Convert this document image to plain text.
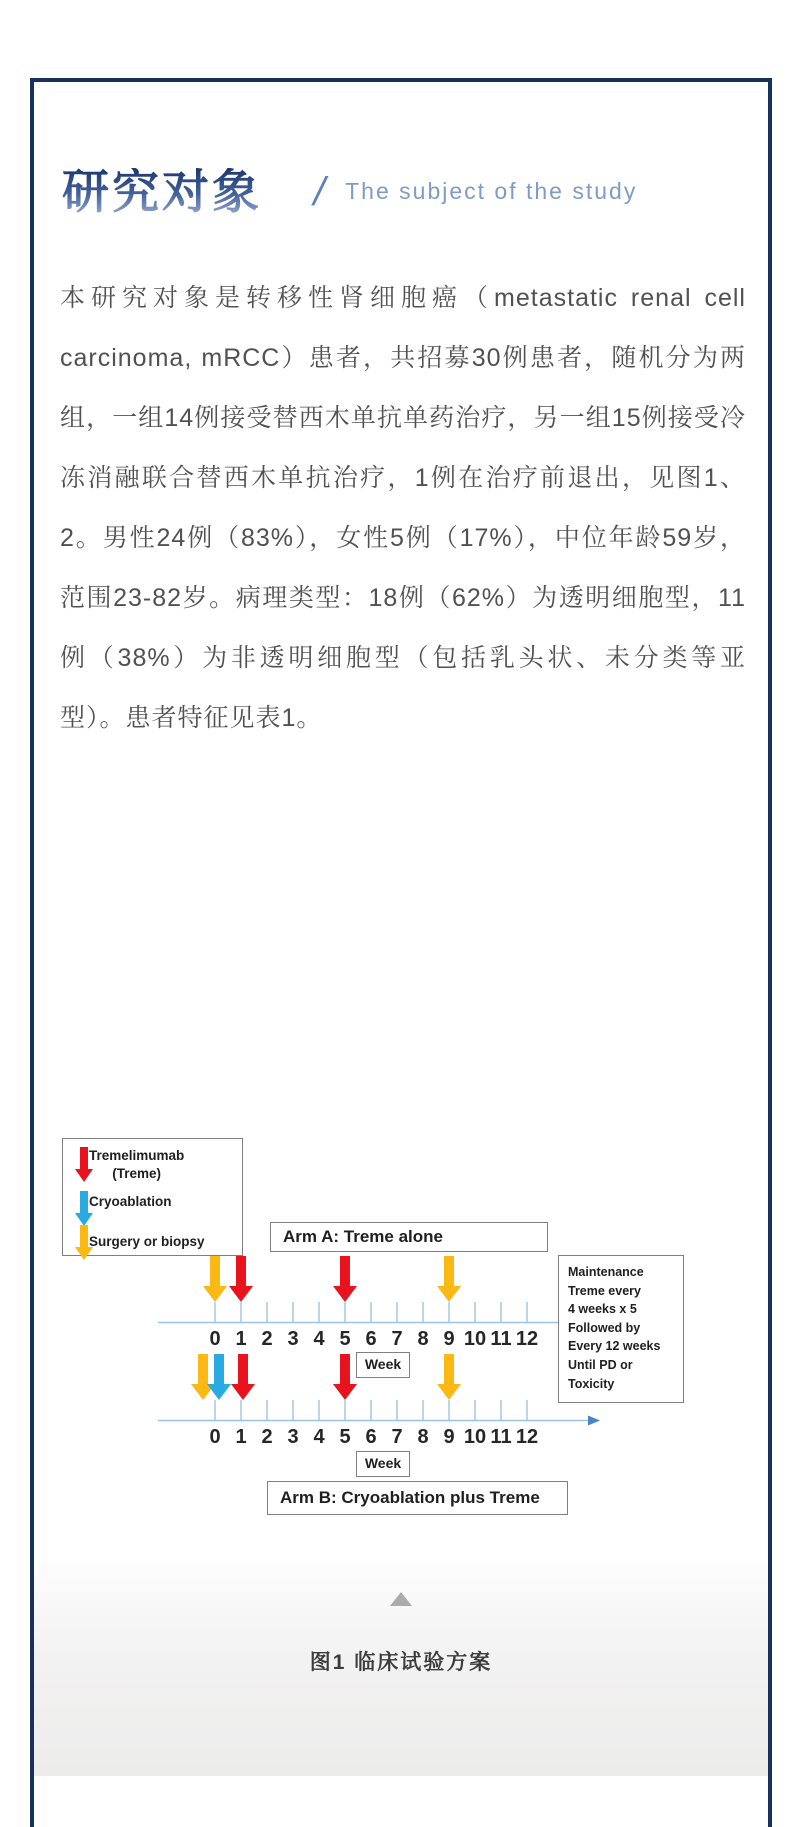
研究对象 / The subject of the study
本研究对象是转移性肾细胞癌（metastatic renal cell carcinoma, mRCC）患者，共招募30例患者，随机分为两组，一组14例接受替西木单抗单药治疗，另一组15例接受冷冻消融联合替西木单抗治疗，1例在治疗前退出，见图1、2。男性24例（83%），女性5例（17%），中位年龄59岁，范围23-82岁。病理类型：18例（62%）为透明细胞型，11例（38%）为非透明细胞型（包括乳头状、未分类等亚型）。患者特征见表1。
Tremelimumab
(Treme)
Cryoablation
Surgery or biopsy	Arm A: Treme alone
0 1 2 3 4 5 6 7 8 9 10 11 12
Week
Maintenance
Treme every
4 weeks x 5
Followed by
Every 12 weeks
Until PD or
Toxicity
0 1 2 3 4 5 6 7 8 9 10 11 12
Week
Arm B: Cryoablation plus Treme
图1 临床试验方案
